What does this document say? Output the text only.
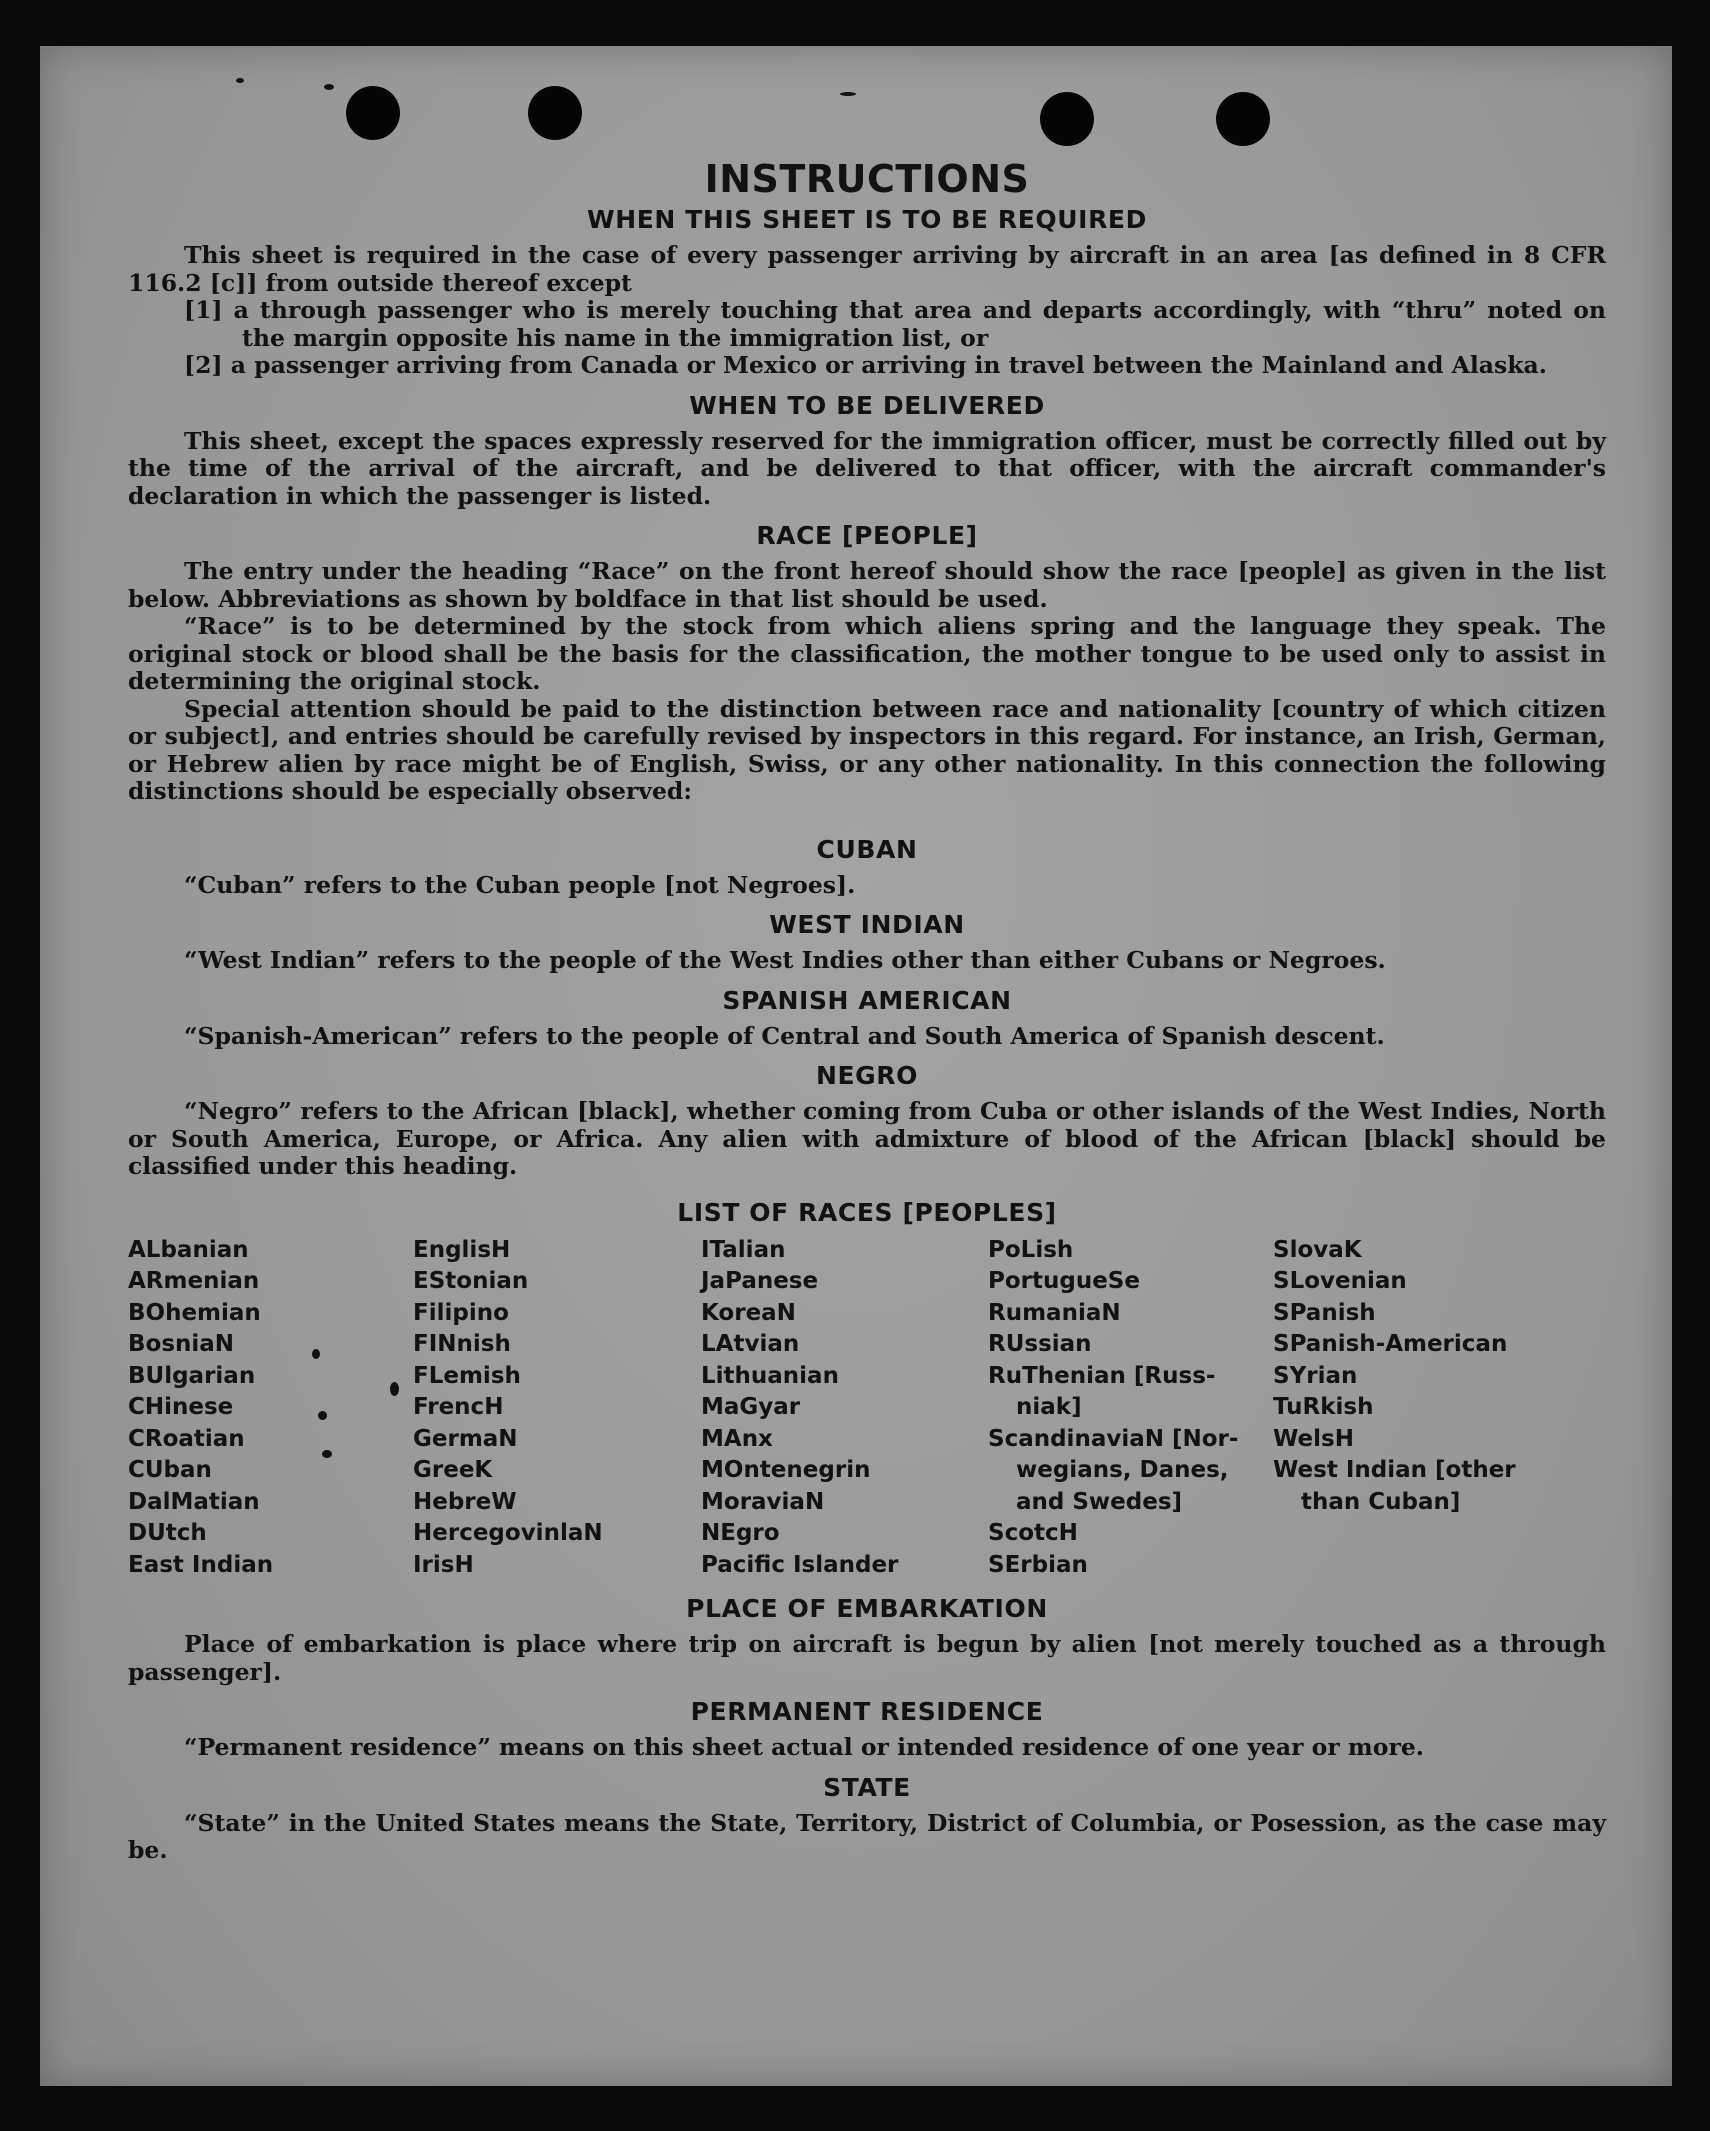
INSTRUCTIONS
WHEN THIS SHEET IS TO BE REQUIRED

This sheet is required in the case of every passenger arriving by aircraft in an area [as defined in 8 CFR 116.2 [c]] from outside thereof except

[1] a through passenger who is merely touching that area and departs accordingly, with “thru” noted on the margin opposite his name in the immigration list, or

[2] a passenger arriving from Canada or Mexico or arriving in travel between the Mainland and Alaska.

WHEN TO BE DELIVERED

This sheet, except the spaces expressly reserved for the immigration officer, must be correctly filled out by the time of the arrival of the aircraft, and be delivered to that officer, with the aircraft commander's declaration in which the passenger is listed.

RACE [PEOPLE]

The entry under the heading “Race” on the front hereof should show the race [people] as given in the list below. Abbreviations as shown by boldface in that list should be used.

“Race” is to be determined by the stock from which aliens spring and the language they speak. The original stock or blood shall be the basis for the classification, the mother tongue to be used only to assist in determining the original stock.

Special attention should be paid to the distinction between race and nationality [country of which citizen or subject], and entries should be carefully revised by inspectors in this regard. For instance, an Irish, German, or Hebrew alien by race might be of English, Swiss, or any other nationality. In this connection the following distinctions should be especially observed:

CUBAN

“Cuban” refers to the Cuban people [not Negroes].

WEST INDIAN

“West Indian” refers to the people of the West Indies other than either Cubans or Negroes.

SPANISH AMERICAN

“Spanish-American” refers to the people of Central and South America of Spanish descent.

NEGRO

“Negro” refers to the African [black], whether coming from Cuba or other islands of the West Indies, North or South America, Europe, or Africa. Any alien with admixture of blood of the African [black] should be classified under this heading.

LIST OF RACES [PEOPLES]
ALbanian
ARmenian
BOhemian
BosniaN
BUlgarian
CHinese
CRoatian
CUban
DalMatian
DUtch
East Indian
EnglisH
EStonian
Filipino
FINnish
FLemish
FrencH
GermaN
GreeK
HebreW
HercegovinlaN
IrisH
ITalian
JaPanese
KoreaN
LAtvian
Lithuanian
MaGyar
MAnx
MOntenegrin
MoraviaN
NEgro
Pacific Islander
PoLish
PortugueSe
RumaniaN
RUssian
RuThenian [Russ-
niak]
ScandinaviaN [Nor-
wegians, Danes,
and Swedes]
ScotcH
SErbian
SlovaK
SLovenian
SPanish
SPanish-American
SYrian
TuRkish
WelsH
West Indian [other
than Cuban]
PLACE OF EMBARKATION

Place of embarkation is place where trip on aircraft is begun by alien [not merely touched as a through passenger].

PERMANENT RESIDENCE

“Permanent residence” means on this sheet actual or intended residence of one year or more.

STATE

“State” in the United States means the State, Territory, District of Columbia, or Posession, as the case may be.
